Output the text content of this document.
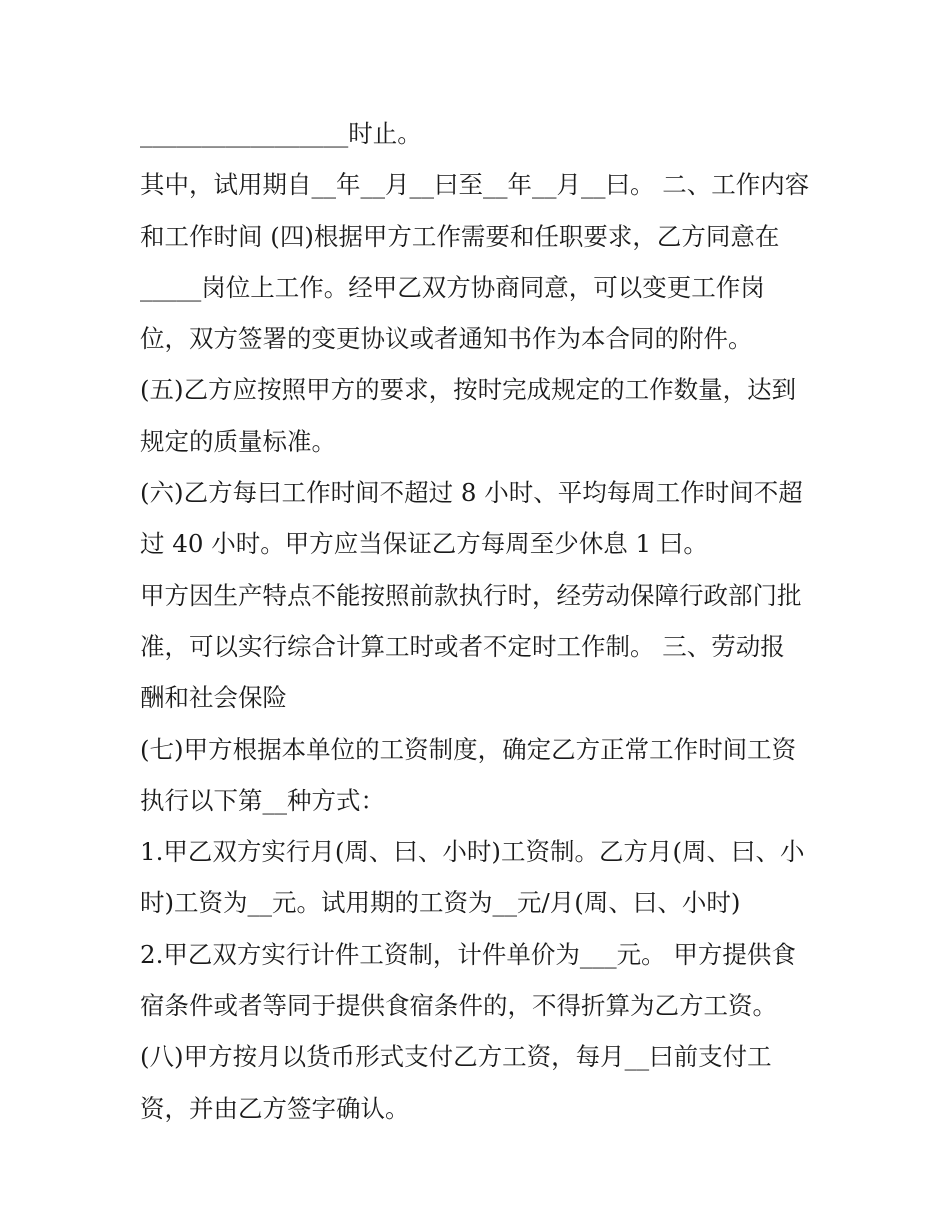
_________________时止。
其中，试用期自__年__月__曰至__年__月__曰。 二、工作内容
和工作时间 (四)根据甲方工作需要和任职要求，乙方同意在
_____岗位上工作。经甲乙双方协商同意，可以变更工作岗
位，双方签署的变更协议或者通知书作为本合同的附件。
(五)乙方应按照甲方的要求，按时完成规定的工作数量，达到
规定的质量标准。
(六)乙方每曰工作时间不超过 8 小时、平均每周工作时间不超
过 40 小时。甲方应当保证乙方每周至少休息 1 曰。
甲方因生产特点不能按照前款执行时，经劳动保障行政部门批
准，可以实行综合计算工时或者不定时工作制。 三、劳动报
酬和社会保险
(七)甲方根据本单位的工资制度，确定乙方正常工作时间工资
执行以下第__种方式：
1.甲乙双方实行月(周、曰、小时)工资制。乙方月(周、曰、小
时)工资为__元。试用期的工资为__元/月(周、曰、小时)
2.甲乙双方实行计件工资制，计件单价为___元。 甲方提供食
宿条件或者等同于提供食宿条件的，不得折算为乙方工资。
(八)甲方按月以货币形式支付乙方工资，每月__曰前支付工
资，并由乙方签字确认。
